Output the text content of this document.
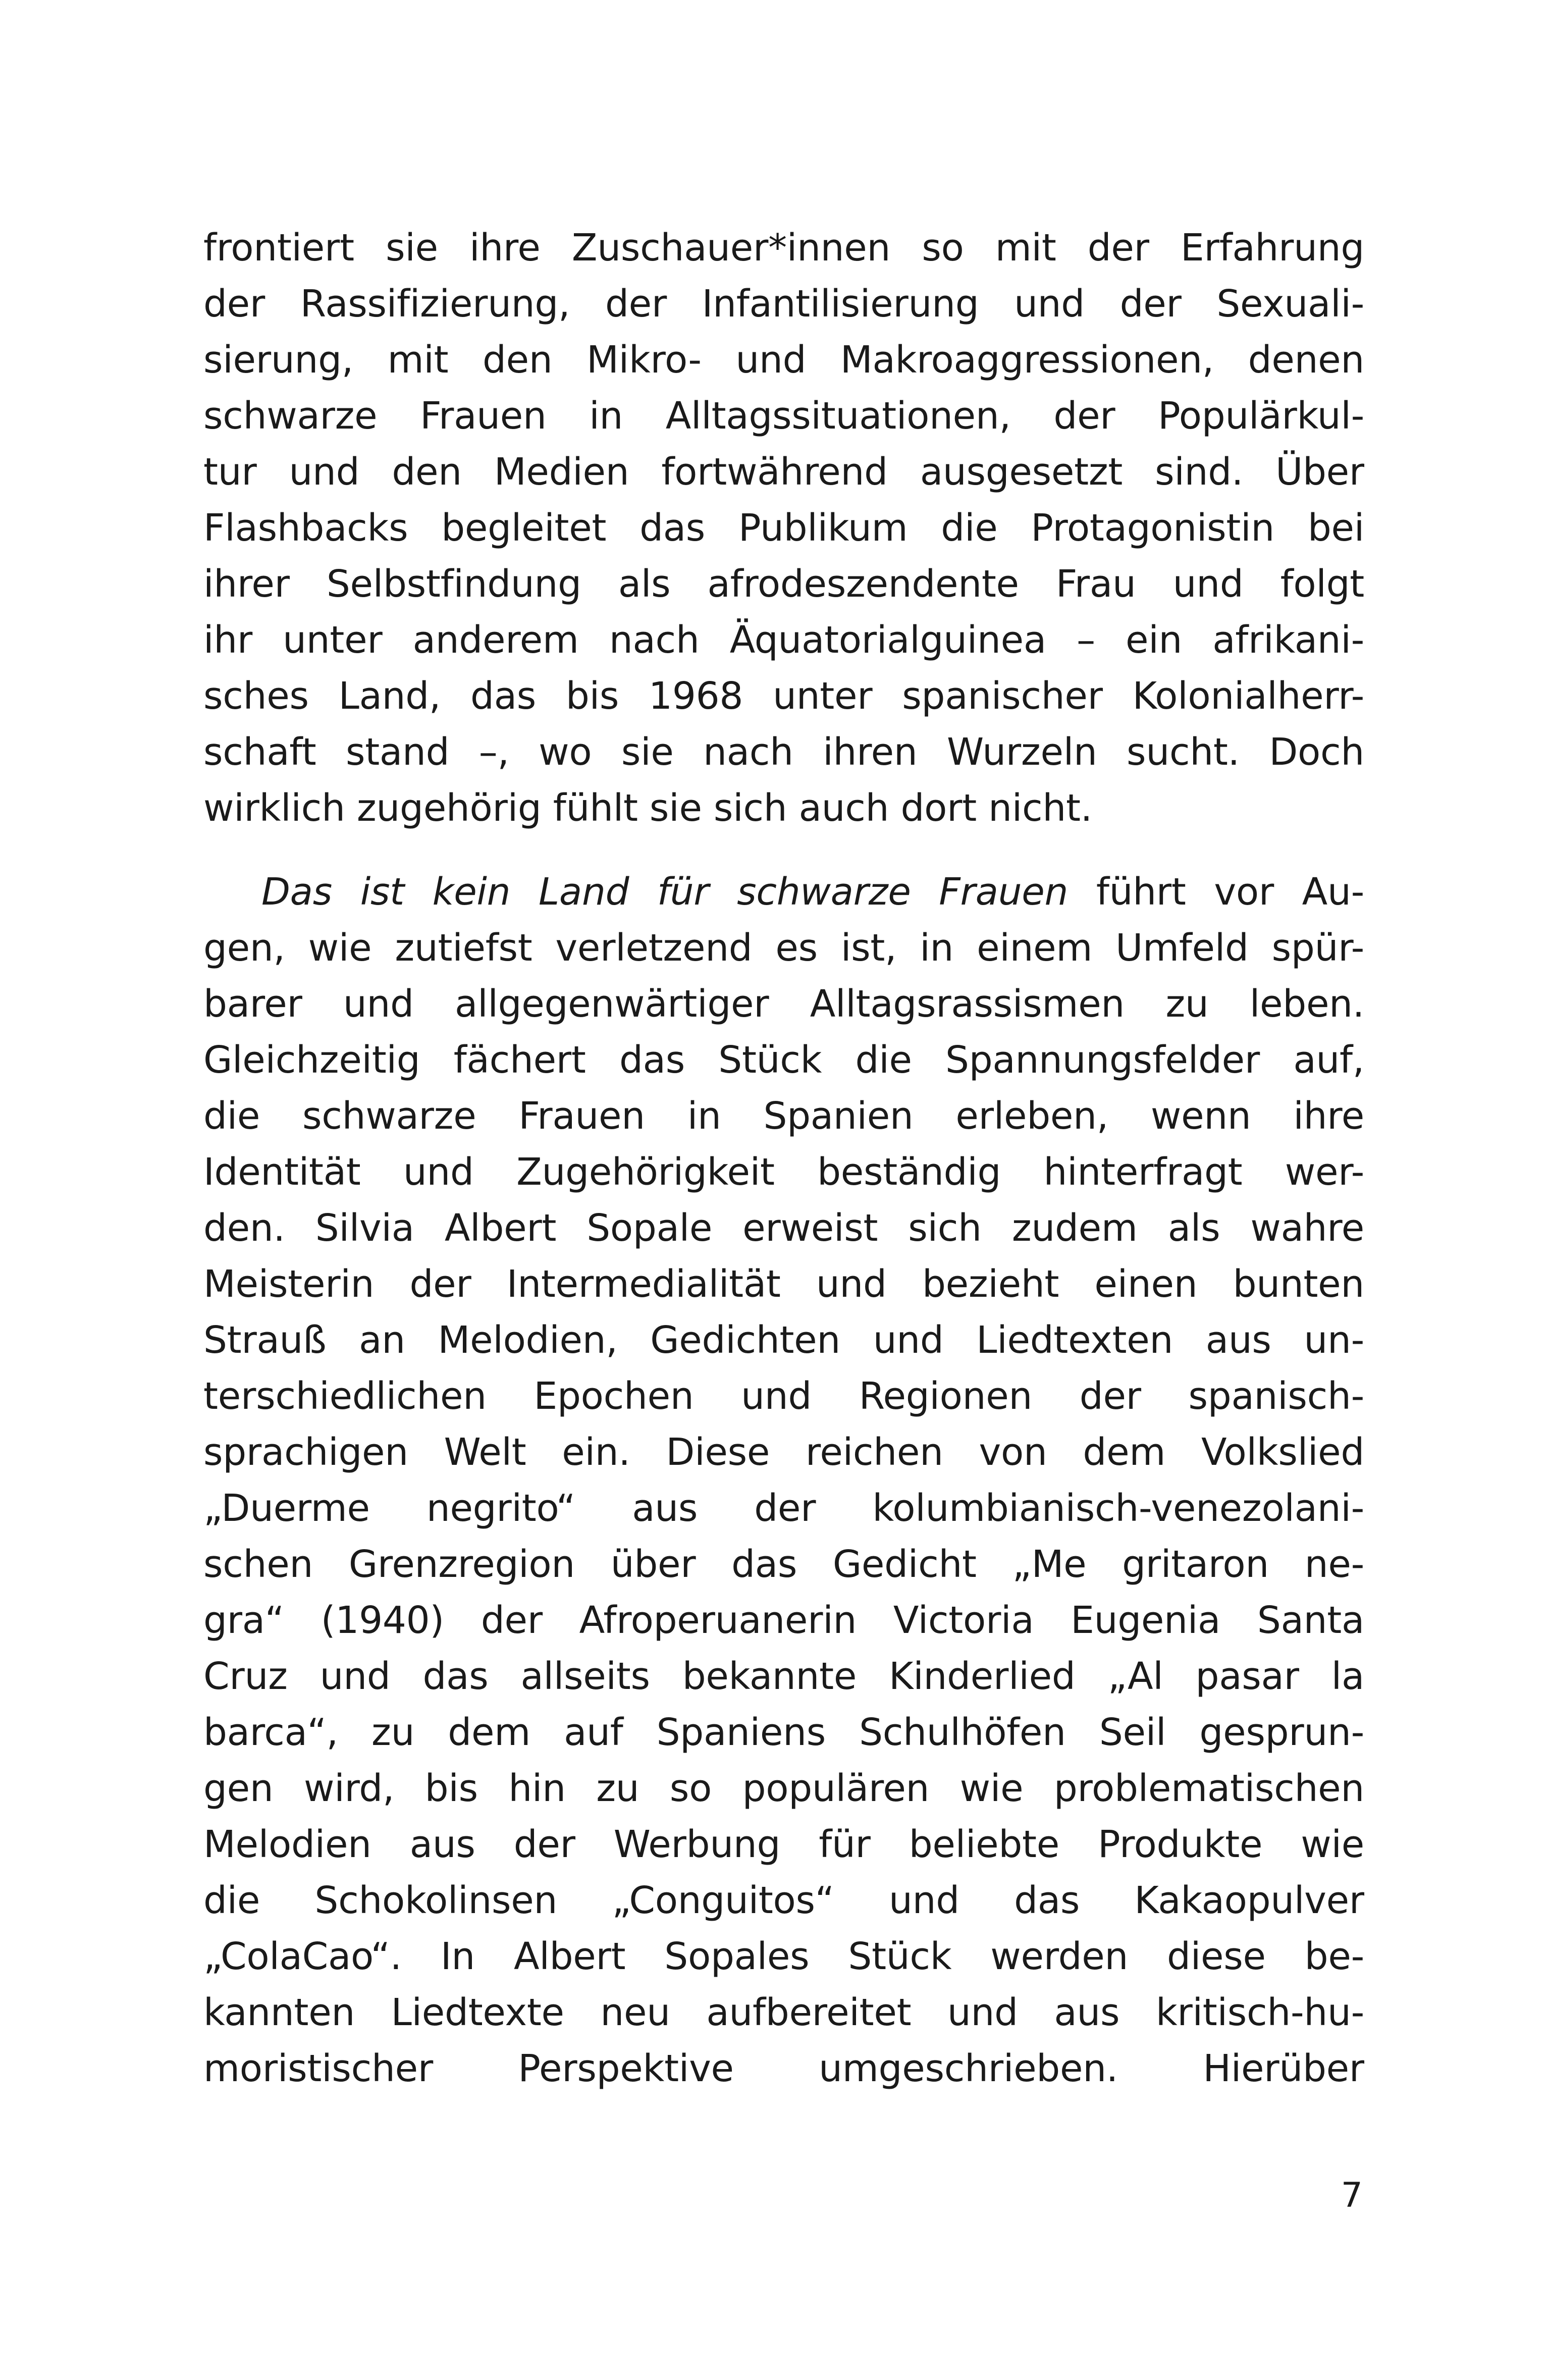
frontiert sie ihre Zuschauer*innen so mit der Erfahrung
der Rassifizierung, der Infantilisierung und der Sexuali-
sierung, mit den Mikro- und Makroaggressionen, denen
schwarze Frauen in Alltagssituationen, der Populärkul-
tur und den Medien fortwährend ausgesetzt sind. Über
Flashbacks begleitet das Publikum die Protagonistin bei
ihrer Selbstfindung als afrodeszendente Frau und folgt
ihr unter anderem nach Äquatorialguinea – ein afrikani-
sches Land, das bis 1968 unter spanischer Kolonialherr-
schaft stand –, wo sie nach ihren Wurzeln sucht. Doch
wirklich zugehörig fühlt sie sich auch dort nicht.
Das ist kein Land für schwarze Frauen führt vor Au-
gen, wie zutiefst verletzend es ist, in einem Umfeld spür-
barer und allgegenwärtiger Alltagsrassismen zu leben.
Gleichzeitig fächert das Stück die Spannungsfelder auf,
die schwarze Frauen in Spanien erleben, wenn ihre
Identität und Zugehörigkeit beständig hinterfragt wer-
den. Silvia Albert Sopale erweist sich zudem als wahre
Meisterin der Intermedialität und bezieht einen bunten
Strauß an Melodien, Gedichten und Liedtexten aus un-
terschiedlichen Epochen und Regionen der spanisch-
sprachigen Welt ein. Diese reichen von dem Volkslied
„Duerme negrito“ aus der kolumbianisch-venezolani-
schen Grenzregion über das Gedicht „Me gritaron ne-
gra“ (1940) der Afroperuanerin Victoria Eugenia Santa
Cruz und das allseits bekannte Kinderlied „Al pasar la
barca“, zu dem auf Spaniens Schulhöfen Seil gesprun-
gen wird, bis hin zu so populären wie problematischen
Melodien aus der Werbung für beliebte Produkte wie
die Schokolinsen „Conguitos“ und das Kakaopulver
„ColaCao“. In Albert Sopales Stück werden diese be-
kannten Liedtexte neu aufbereitet und aus kritisch-hu-
moristischer Perspektive umgeschrieben. Hierüber
7
